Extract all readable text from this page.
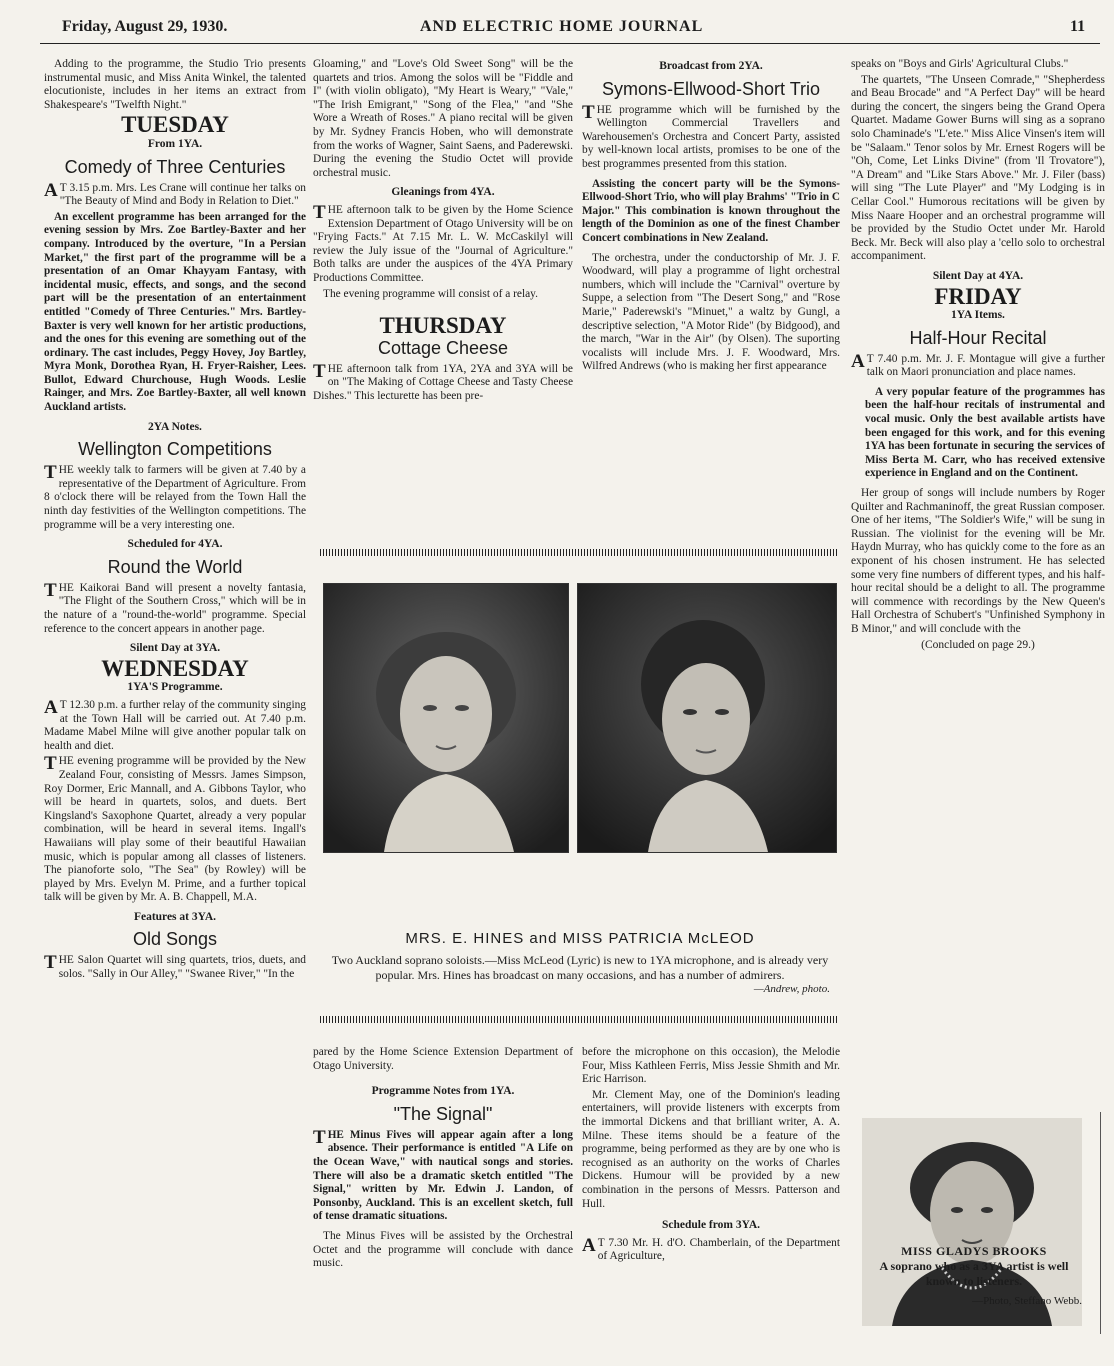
Friday, August 29, 1930.	AND ELECTRIC HOME JOURNAL	11

Adding to the programme, the Studio Trio presents instrumental music, and Miss Anita Winkel, the talented elocutioniste, includes in her items an extract from Shakespeare's "Twelfth Night."

TUESDAY
From 1YA.
Comedy of Three Centuries

A T 3.15 p.m. Mrs. Les Crane will continue her talks on "The Beauty of Mind and Body in Relation to Diet."

An excellent programme has been arranged for the evening session by Mrs. Zoe Bartley-Baxter and her company. Introduced by the overture, "In a Persian Market," the first part of the programme will be a presentation of an Omar Khayyam Fantasy, with incidental music, effects, and songs, and the second part will be the presentation of an entertainment entitled "Comedy of Three Centuries." Mrs. Bartley-Baxter is very well known for her artistic productions, and the ones for this evening are something out of the ordinary. The cast includes, Peggy Hovey, Joy Bartley, Myra Monk, Dorothea Ryan, H. Fryer-Raisher, Lees. Bullot, Edward Churchouse, Hugh Woods. Leslie Rainger, and Mrs. Zoe Bartley-Baxter, all well known Auckland artists.

2YA Notes.
Wellington Competitions

THE weekly talk to farmers will be given at 7.40 by a representative of the Department of Agriculture. From 8 o'clock there will be relayed from the Town Hall the ninth day festivities of the Wellington competitions. The programme will be a very interesting one.

Scheduled for 4YA.
Round the World

THE Kaikorai Band will present a novelty fantasia, "The Flight of the Southern Cross," which will be in the nature of a "round-the-world" programme. Special reference to the concert appears in another page.

Silent Day at 3YA.
WEDNESDAY
1YA'S Programme.

A T 12.30 p.m. a further relay of the community singing at the Town Hall will be carried out. At 7.40 p.m. Madame Mabel Milne will give another popular talk on health and diet.

THE evening programme will be provided by the New Zealand Four, consisting of Messrs. James Simpson, Roy Dormer, Eric Mannall, and A. Gibbons Taylor, who will be heard in quartets, solos, and duets. Bert Kingsland's Saxophone Quartet, already a very popular combination, will be heard in several items. Ingall's Hawaiians will play some of their beautiful Hawaiian music, which is popular among all classes of listeners. The pianoforte solo, "The Sea" (by Rowley) will be played by Mrs. Evelyn M. Prime, and a further topical talk will be given by Mr. A. B. Chappell, M.A.

Features at 3YA.
Old Songs

THE Salon Quartet will sing quartets, trios, duets, and solos. "Sally in Our Alley," "Swanee River," "In the

Gloaming," and "Love's Old Sweet Song" will be the quartets and trios. Among the solos will be "Fiddle and I" (with violin obligato), "My Heart is Weary," "Vale," "The Irish Emigrant," "Song of the Flea," "and "She Wore a Wreath of Roses." A piano recital will be given by Mr. Sydney Francis Hoben, who will demonstrate from the works of Wagner, Saint Saens, and Paderewski. During the evening the Studio Octet will provide orchestral music.

Gleanings from 4YA.

THE afternoon talk to be given by the Home Science Extension Department of Otago University will be on "Frying Facts." At 7.15 Mr. L. W. McCaskilyl will review the July issue of the "Journal of Agriculture." Both talks are under the auspices of the 4YA Primary Productions Committee.

The evening programme will consist of a relay.

THURSDAY
Cottage Cheese

THE afternoon talk from 1YA, 2YA and 3YA will be on "The Making of Cottage Cheese and Tasty Cheese Dishes." This lecturette has been pre-

Broadcast from 2YA.
Symons-Ellwood-Short Trio

THE programme which will be furnished by the Wellington Commercial Travellers and Warehousemen's Orchestra and Concert Party, assisted by well-known local artists, promises to be one of the best programmes presented from this station.

Assisting the concert party will be the Symons-Ellwood-Short Trio, who will play Brahms' "Trio in C Major." This combination is known throughout the length of the Dominion as one of the finest Chamber Concert combinations in New Zealand.

The orchestra, under the conductorship of Mr. J. F. Woodward, will play a programme of light orchestral numbers, which will include the "Carnival" overture by Suppe, a selection from "The Desert Song," and "Rose Marie," Paderewski's "Minuet," a waltz by Gungl, a descriptive selection, "A Motor Ride" (by Bidgood), and the march, "War in the Air" (by Olsen). The suporting vocalists will include Mrs. J. F. Woodward, Mrs. Wilfred Andrews (who is making her first appearance

speaks on "Boys and Girls' Agricultural Clubs."

The quartets, "The Unseen Comrade," "Shepherdess and Beau Brocade" and "A Perfect Day" will be heard during the concert, the singers being the Grand Opera Quartet. Madame Gower Burns will sing as a soprano solo Chaminade's "L'ete." Miss Alice Vinsen's item will be "Salaam." Tenor solos by Mr. Ernest Rogers will be "Oh, Come, Let Links Divine" (from 'Il Trovatore"), "A Dream" and "Like Stars Above." Mr. J. Filer (bass) will sing "The Lute Player" and "My Lodging is in Cellar Cool." Humorous recitations will be given by Miss Naare Hooper and an orchestral programme will be provided by the Studio Octet under Mr. Harold Beck. Mr. Beck will also play a 'cello solo to orchestral accompaniment.

Silent Day at 4YA.
FRIDAY
1YA Items.
Half-Hour Recital

A T 7.40 p.m. Mr. J. F. Montague will give a further talk on Maori pronunciation and place names.

A very popular feature of the programmes has been the half-hour recitals of instrumental and vocal music. Only the best available artists have been engaged for this work, and for this evening 1YA has been fortunate in securing the services of Miss Berta M. Carr, who has received extensive experience in England and on the Continent.

Her group of songs will include numbers by Roger Quilter and Rachmaninoff, the great Russian composer. One of her items, "The Soldier's Wife," will be sung in Russian. The violinist for the evening will be Mr. Haydn Murray, who has quickly come to the fore as an exponent of his chosen instrument. He has selected some very fine numbers of different types, and his half-hour recital should be a delight to all. The programme will commence with recordings by the New Queen's Hall Orchestra of Schubert's "Unfinished Symphony in B Minor," and will conclude with the

(Concluded on page 29.)
MRS. E. HINES and MISS PATRICIA McLEOD
Two Auckland soprano soloists.—Miss McLeod (Lyric) is new to 1YA microphone, and is already very popular. Mrs. Hines has broadcast on many occasions, and has a number of admirers.
—Andrew, photo.

pared by the Home Science Extension Department of Otago University.

Programme Notes from 1YA.
"The Signal"

THE Minus Fives will appear again after a long absence. Their performance is entitled "A Life on the Ocean Wave," with nautical songs and stories. There will also be a dramatic sketch entitled "The Signal," written by Mr. Edwin J. Landon, of Ponsonby, Auckland. This is an excellent sketch, full of tense dramatic situations.

The Minus Fives will be assisted by the Orchestral Octet and the programme will conclude with dance music.

before the microphone on this occasion), the Melodie Four, Miss Kathleen Ferris, Miss Jessie Shmith and Mr. Eric Harrison.

Mr. Clement May, one of the Dominion's leading entertainers, will provide listeners with excerpts from the immortal Dickens and that brilliant writer, A. A. Milne. These items should be a feature of the programme, being performed as they are by one who is recognised as an authority on the works of Charles Dickens. Humour will be provided by a new combination in the persons of Messrs. Patterson and Hull.

Schedule from 3YA.

A T 7.30 Mr. H. d'O. Chamberlain, of the Department of Agriculture,	MISS GLADYS BROOKS
A soprano who as a 3YA artist is well known to listeners.
—Photo, Steffano Webb.
